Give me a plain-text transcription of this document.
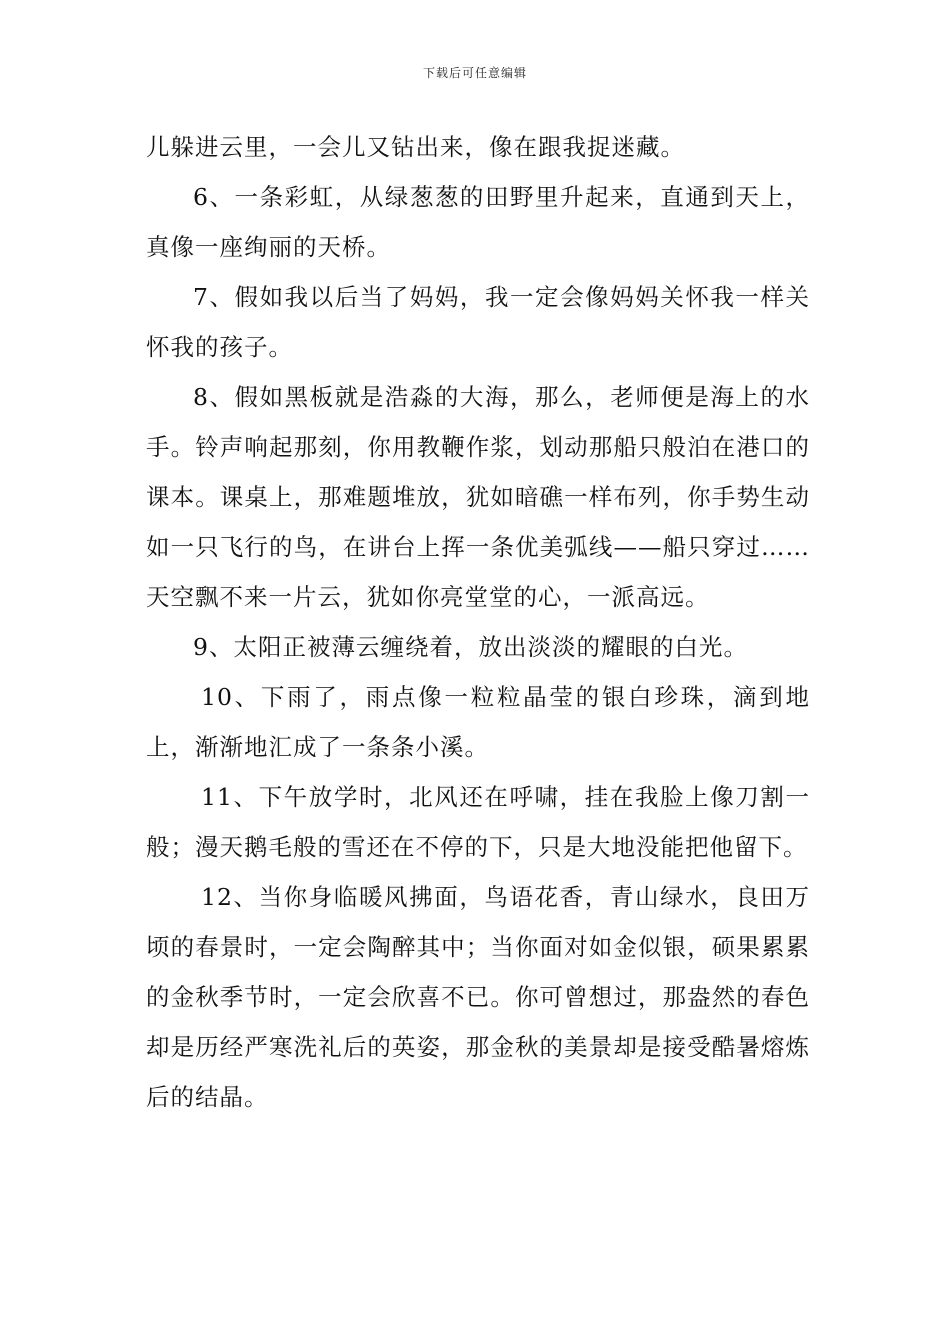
下载后可任意编辑

儿躲进云里，一会儿又钻出来，像在跟我捉迷藏。

6、一条彩虹，从绿葱葱的田野里升起来，直通到天上，真像一座绚丽的天桥。

7、假如我以后当了妈妈，我一定会像妈妈关怀我一样关怀我的孩子。

8、假如黑板就是浩淼的大海，那么，老师便是海上的水手。铃声响起那刻，你用教鞭作浆，划动那船只般泊在港口的课本。课桌上，那难题堆放，犹如暗礁一样布列，你手势生动如一只飞行的鸟，在讲台上挥一条优美弧线——船只穿过……天空飘不来一片云，犹如你亮堂堂的心，一派高远。

9、太阳正被薄云缠绕着，放出淡淡的耀眼的白光。

10、下雨了，雨点像一粒粒晶莹的银白珍珠，滴到地上，渐渐地汇成了一条条小溪。

11、下午放学时，北风还在呼啸，挂在我脸上像刀割一般；漫天鹅毛般的雪还在不停的下，只是大地没能把他留下。

12、当你身临暖风拂面，鸟语花香，青山绿水，良田万顷的春景时，一定会陶醉其中；当你面对如金似银，硕果累累的金秋季节时，一定会欣喜不已。你可曾想过，那盎然的春色却是历经严寒洗礼后的英姿，那金秋的美景却是接受酷暑熔炼后的结晶。
